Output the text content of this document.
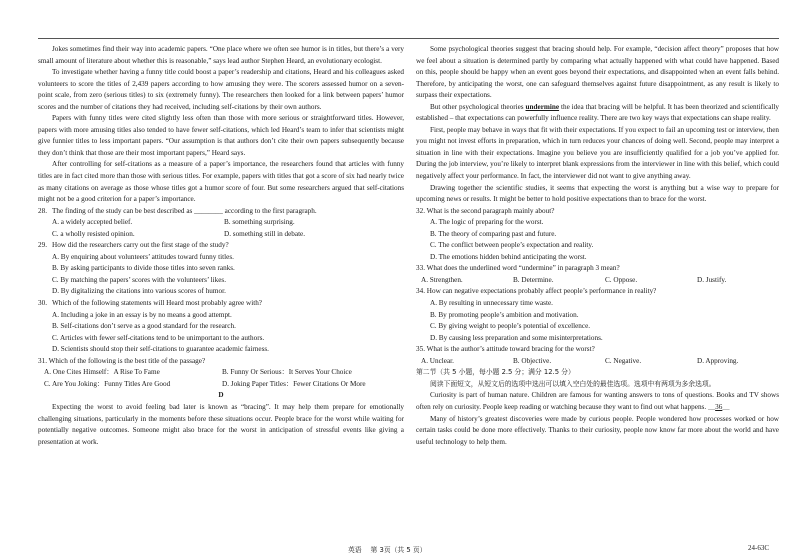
Jokes sometimes find their way into academic papers. “One place where we often see humor is in titles, but there’s a very small amount of literature about whether this is reasonable,” says lead author Stephen Heard, an evolutionary ecologist.

To investigate whether having a funny title could boost a paper’s readership and citations, Heard and his colleagues asked volunteers to score the titles of 2,439 papers according to how amusing they were. The scorers assessed humor on a seven-point scale, from zero (serious titles) to six (extremely funny). The researchers then looked for a link between papers’ humor scores and the number of citations they had received, including self-citations by their own authors.

Papers with funny titles were cited slightly less often than those with more serious or straightforward titles. However, papers with more amusing titles also tended to have fewer self-citations, which led Heard’s team to infer that scientists might give funnier titles to less important papers. “Our assumption is that authors don’t cite their own papers subsequently because they don’t think that those are their most important papers,” Heard says.

After controlling for self-citations as a measure of a paper’s importance, the researchers found that articles with funny titles are in fact cited more than those with serious titles. For example, papers with titles that got a score of six had nearly twice as many citations on average as those whose titles got a humor score of four. But some researchers argued that self-citations might not be a good criterion for a paper’s importance.

28. The finding of the study can be best described as ________ according to the first paragraph.

A. a widely accepted belief.	B. something surprising.
C. a wholly resisted opinion.	D. something still in debate.

29. How did the researchers carry out the first stage of the study?

A. By enquiring about volunteers’ attitudes toward funny titles.
B. By asking participants to divide those titles into seven ranks.
C. By matching the papers’ scores with the volunteers’ likes.
D. By digitalizing the citations into various scores of humor.

30. Which of the following statements will Heard most probably agree with?

A. Including a joke in an essay is by no means a good attempt.
B. Self-citations don’t serve as a good standard for the research.
C. Articles with fewer self-citations tend to be unimportant to the authors.
D. Scientists should stop their self-citations to guarantee academic fairness.

31. Which of the following is the best title of the passage?

A. One Cites Himself：A Rise To Fame	B. Funny Or Serious：It Serves Your Choice
C. Are You Joking：Funny Titles Are Good	D. Joking Paper Titles：Fewer Citations Or More

D

Expecting the worst to avoid feeling bad later is known as “bracing”. It may help them prepare for emotionally challenging situations, particularly in the moments before these situations occur. People brace for the worst while waiting for potentially negative outcomes. Someone might also brace for the worst in anticipation of stressful events like giving a presentation at work.

Some psychological theories suggest that bracing should help. For example, “decision affect theory” proposes that how we feel about a situation is determined partly by comparing what actually happened with what could have happened. Based on this, people should be happy when an event goes beyond their expectations, and disappointed when an event falls behind. Therefore, by anticipating the worst, one can safeguard themselves against future disappointment, as any result is likely to surpass their expectations.

But other psychological theories undermine the idea that bracing will be helpful. It has been theorized and scientifically established – that expectations can powerfully influence reality. There are two key ways that expectations can shape reality.

First, people may behave in ways that fit with their expectations. If you expect to fail an upcoming test or interview, then you might not invest efforts in preparation, which in turn reduces your chances of doing well. Second, people may interpret a situation in line with their expectations. Imagine you believe you are insufficiently qualified for a job you’ve applied for. During the job interview, you’re likely to interpret blank expressions from the interviewer in line with this belief, which could negatively affect your performance. In fact, the interviewer did not want to give anything away.

Drawing together the scientific studies, it seems that expecting the worst is anything but a wise way to prepare for upcoming news or results. It might be better to hold positive expectations than to brace for the worst.

32. What is the second paragraph mainly about?

A. The logic of preparing for the worst.
B. The theory of comparing past and future.
C. The conflict between people’s expectation and reality.
D. The emotions hidden behind anticipating the worst.

33. What does the underlined word “undermine” in paragraph 3 mean?

A. Strengthen.	B. Determine.	C. Oppose.	D. Justify.

34. How can negative expectations probably affect people’s performance in reality?

A. By resulting in unnecessary time waste.
B. By promoting people’s ambition and motivation.
C. By giving weight to people’s potential of excellence.
D. By causing less preparation and some misinterpretations.

35. What is the author’s attitude toward bracing for the worst?

A. Unclear.	B. Objective.	C. Negative.	D. Approving.

第二节（共 5 小题，每小题 2.5 分；满分 12.5 分）

阅读下面短文，从短文后的选项中选出可以填入空白处的最佳选项。选项中有两项为多余选项。

Curiosity is part of human nature. Children are famous for wanting answers to tons of questions. Books and TV shows often rely on curiosity. People keep reading or watching because they want to find out what happens. ＿36＿

Many of history’s greatest discoveries were made by curious people. People wondered how processes worked or how certain tasks could be done more effectively. Thanks to their curiosity, people now know far more about the world and have useful technology to help them.

英语　 第 3页（共 5 页）	24-63C
